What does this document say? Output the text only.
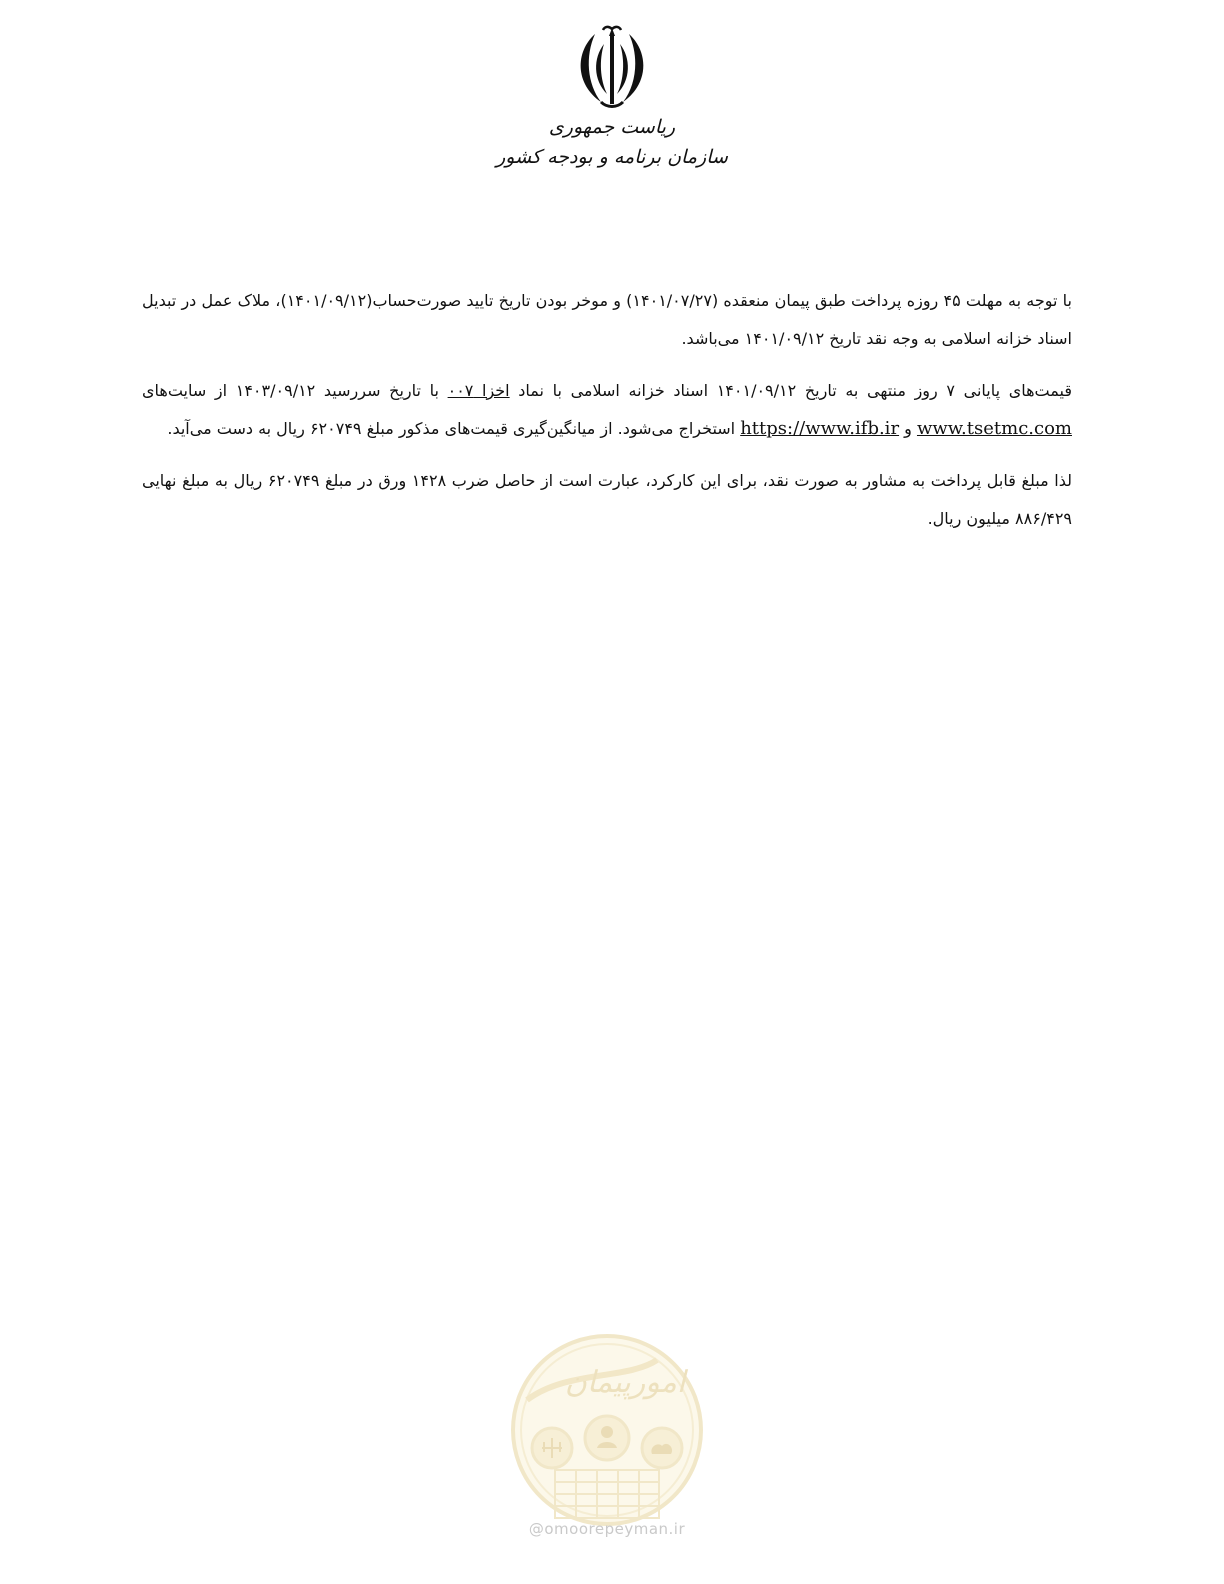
ریاست جمهوری
سازمان برنامه و بودجه کشور

با توجه به مهلت ۴۵ روزه پرداخت طبق پیمان منعقده (۱۴۰۱/۰۷/۲۷) و موخر بودن تاریخ تایید صورت‌حساب(۱۴۰۱/۰۹/۱۲)، ملاک عمل در تبدیل اسناد خزانه اسلامی به وجه نقد تاریخ ۱۴۰۱/۰۹/۱۲ می‌باشد.

قیمت‌های پایانی ۷ روز منتهی به تاریخ ۱۴۰۱/۰۹/۱۲ اسناد خزانه اسلامی با نماد اخزا ۰۰۷ با تاریخ سررسید ۱۴۰۳/۰۹/۱۲ از سایت‌های www.tsetmc.com و https://www.ifb.ir استخراج می‌شود. از میانگین‌گیری قیمت‌های مذکور مبلغ ۶۲۰۷۴۹ ریال به دست می‌آید.

لذا مبلغ قابل پرداخت به مشاور به صورت نقد، برای این کارکرد، عبارت است از حاصل ضرب ۱۴۲۸ ورق در مبلغ ۶۲۰۷۴۹ ریال به مبلغ نهایی ۸۸۶/۴۲۹ میلیون ریال.

امورپیمان
@omoorepeyman.ir
